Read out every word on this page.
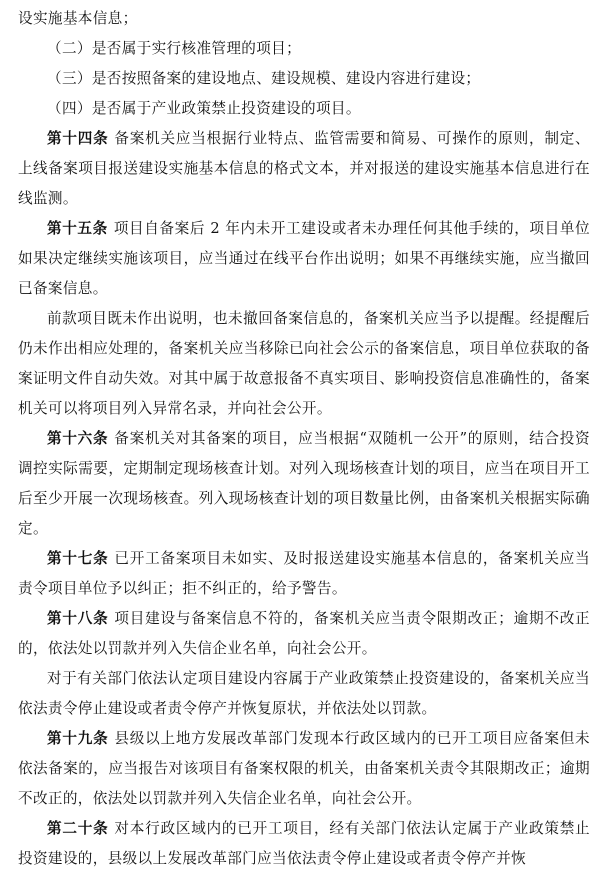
设实施基本信息；

（二）是否属于实行核准管理的项目；

（三）是否按照备案的建设地点、建设规模、建设内容进行建设；

（四）是否属于产业政策禁止投资建设的项目。

第十四条 备案机关应当根据行业特点、监管需要和简易、可操作的原则，制定、上线备案项目报送建设实施基本信息的格式文本，并对报送的建设实施基本信息进行在线监测。

第十五条 项目自备案后 2 年内未开工建设或者未办理任何其他手续的，项目单位如果决定继续实施该项目，应当通过在线平台作出说明；如果不再继续实施，应当撤回已备案信息。

前款项目既未作出说明，也未撤回备案信息的，备案机关应当予以提醒。经提醒后仍未作出相应处理的，备案机关应当移除已向社会公示的备案信息，项目单位获取的备案证明文件自动失效。对其中属于故意报备不真实项目、影响投资信息准确性的，备案机关可以将项目列入异常名录，并向社会公开。

第十六条 备案机关对其备案的项目，应当根据“双随机一公开”的原则，结合投资调控实际需要，定期制定现场核查计划。对列入现场核查计划的项目，应当在项目开工后至少开展一次现场核查。列入现场核查计划的项目数量比例，由备案机关根据实际确定。

第十七条 已开工备案项目未如实、及时报送建设实施基本信息的，备案机关应当责令项目单位予以纠正；拒不纠正的，给予警告。

第十八条 项目建设与备案信息不符的，备案机关应当责令限期改正；逾期不改正的，依法处以罚款并列入失信企业名单，向社会公开。

对于有关部门依法认定项目建设内容属于产业政策禁止投资建设的，备案机关应当依法责令停止建设或者责令停产并恢复原状，并依法处以罚款。

第十九条 县级以上地方发展改革部门发现本行政区域内的已开工项目应备案但未依法备案的，应当报告对该项目有备案权限的机关，由备案机关责令其限期改正；逾期不改正的，依法处以罚款并列入失信企业名单，向社会公开。

第二十条 对本行政区域内的已开工项目，经有关部门依法认定属于产业政策禁止投资建设的，县级以上发展改革部门应当依法责令停止建设或者责令停产并恢
